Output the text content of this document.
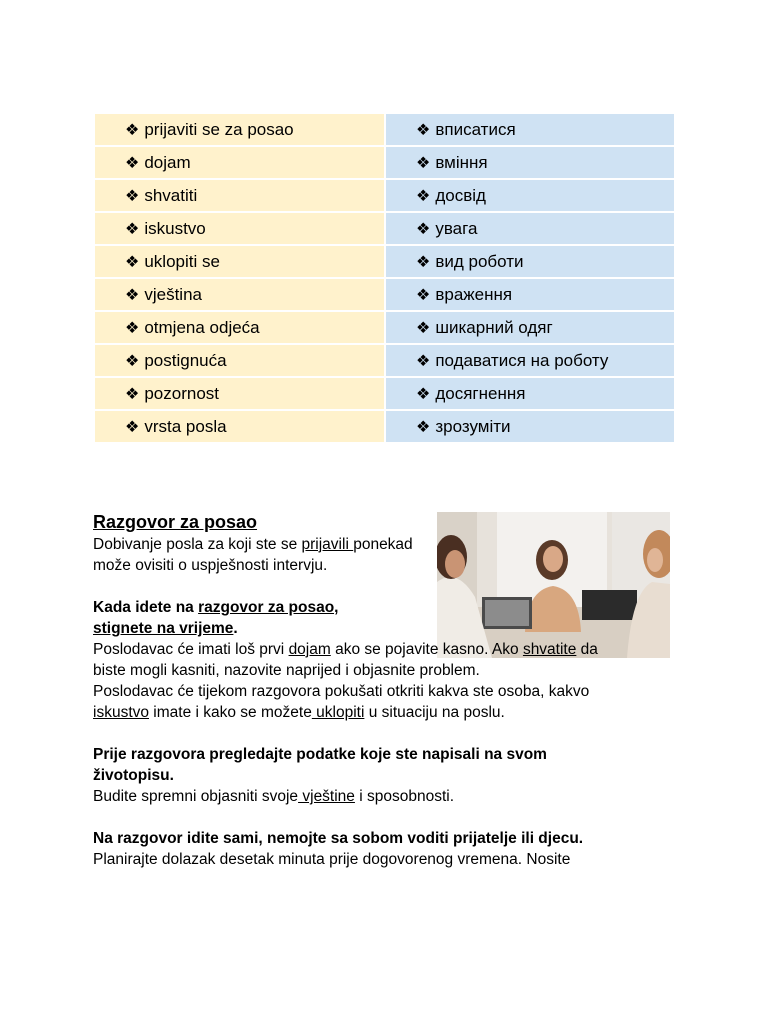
❖ prijaviti se za posao	❖ вписатися
❖ dojam	❖ вміння
❖ shvatiti	❖ досвід
❖ iskustvo	❖ увага
❖ uklopiti se	❖ вид роботи
❖ vještina	❖ враження
❖ otmjena odjeća	❖ шикарний одяг
❖ postignuća	❖ подаватися на роботу
❖ pozornost	❖ досягнення
❖ vrsta posla	❖ зрозуміти
Razgovor za posao

Dobivanje posla za koji ste se prijavili ponekad može ovisiti o uspješnosti intervju.

Kada idete na razgovor za posao,
stignete na vrijeme.

Poslodavac će imati loš prvi dojam ako se pojavite kasno. Ako shvatite da biste mogli kasniti, nazovite naprijed i objasnite problem.

Poslodavac će tijekom razgovora pokušati otkriti kakva ste osoba, kakvo iskustvo imate i kako se možete uklopiti u situaciju na poslu.

Prije razgovora pregledajte podatke koje ste napisali na svom životopisu.

Budite spremni objasniti svoje vještine i sposobnosti.

Na razgovor idite sami, nemojte sa sobom voditi prijatelje ili djecu.

Planirajte dolazak desetak minuta prije dogovorenog vremena. Nosite
